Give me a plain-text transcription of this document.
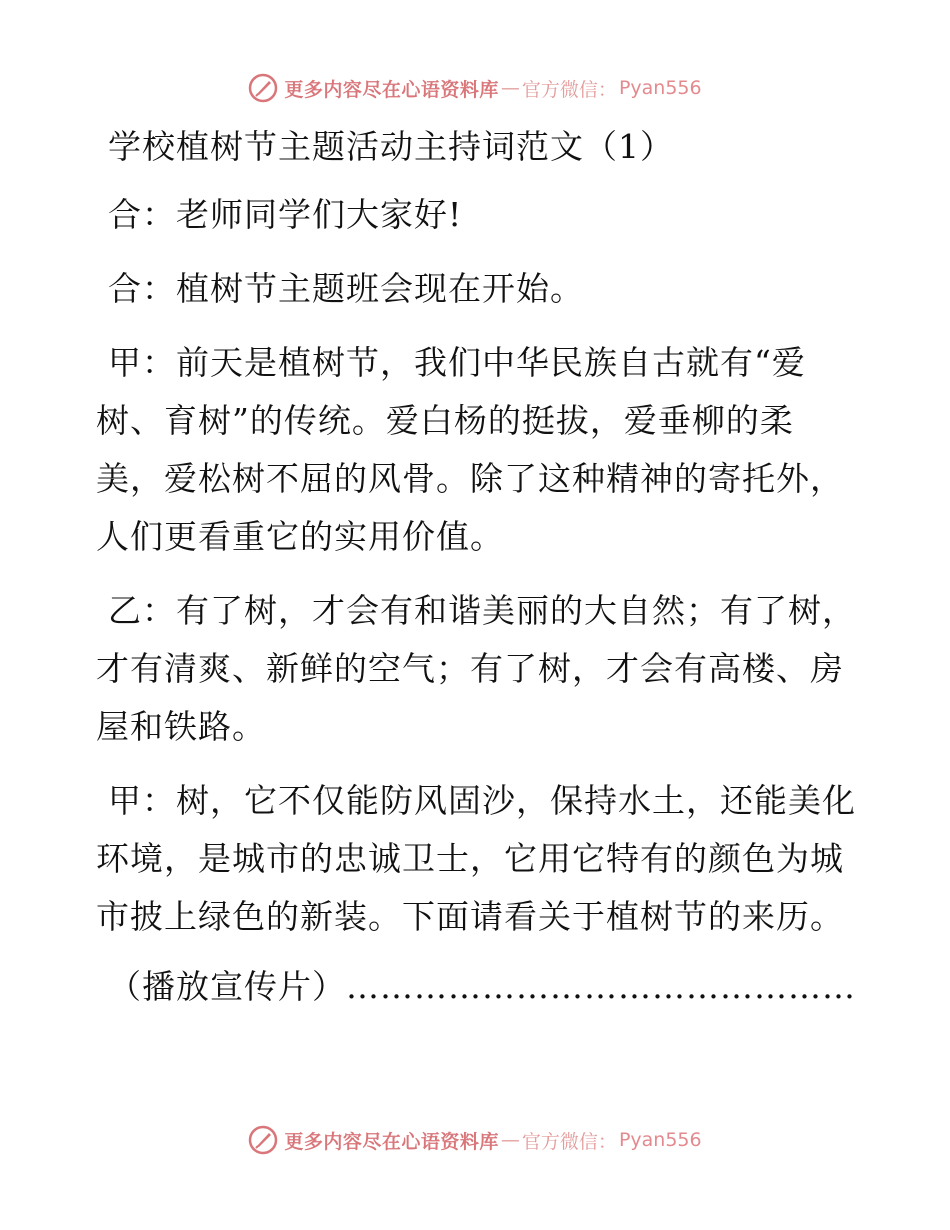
更多内容尽在心语资料库 — 官方微信： Pyan556
学校植树节主题活动主持词范文（1）

合：老师同学们大家好!

合：植树节主题班会现在开始。

甲：前天是植树节，我们中华民族自古就有“爱树、育树”的传统。爱白杨的挺拔，爱垂柳的柔美，爱松树不屈的风骨。除了这种精神的寄托外，人们更看重它的实用价值。

乙：有了树，才会有和谐美丽的大自然；有了树，才有清爽、新鲜的空气；有了树，才会有高楼、房屋和铁路。

甲：树，它不仅能防风固沙，保持水土，还能美化环境，是城市的忠诚卫士，它用它特有的颜色为城市披上绿色的新装。下面请看关于植树节的来历。

（播放宣传片）………………………………………

更多内容尽在心语资料库 — 官方微信： Pyan556
